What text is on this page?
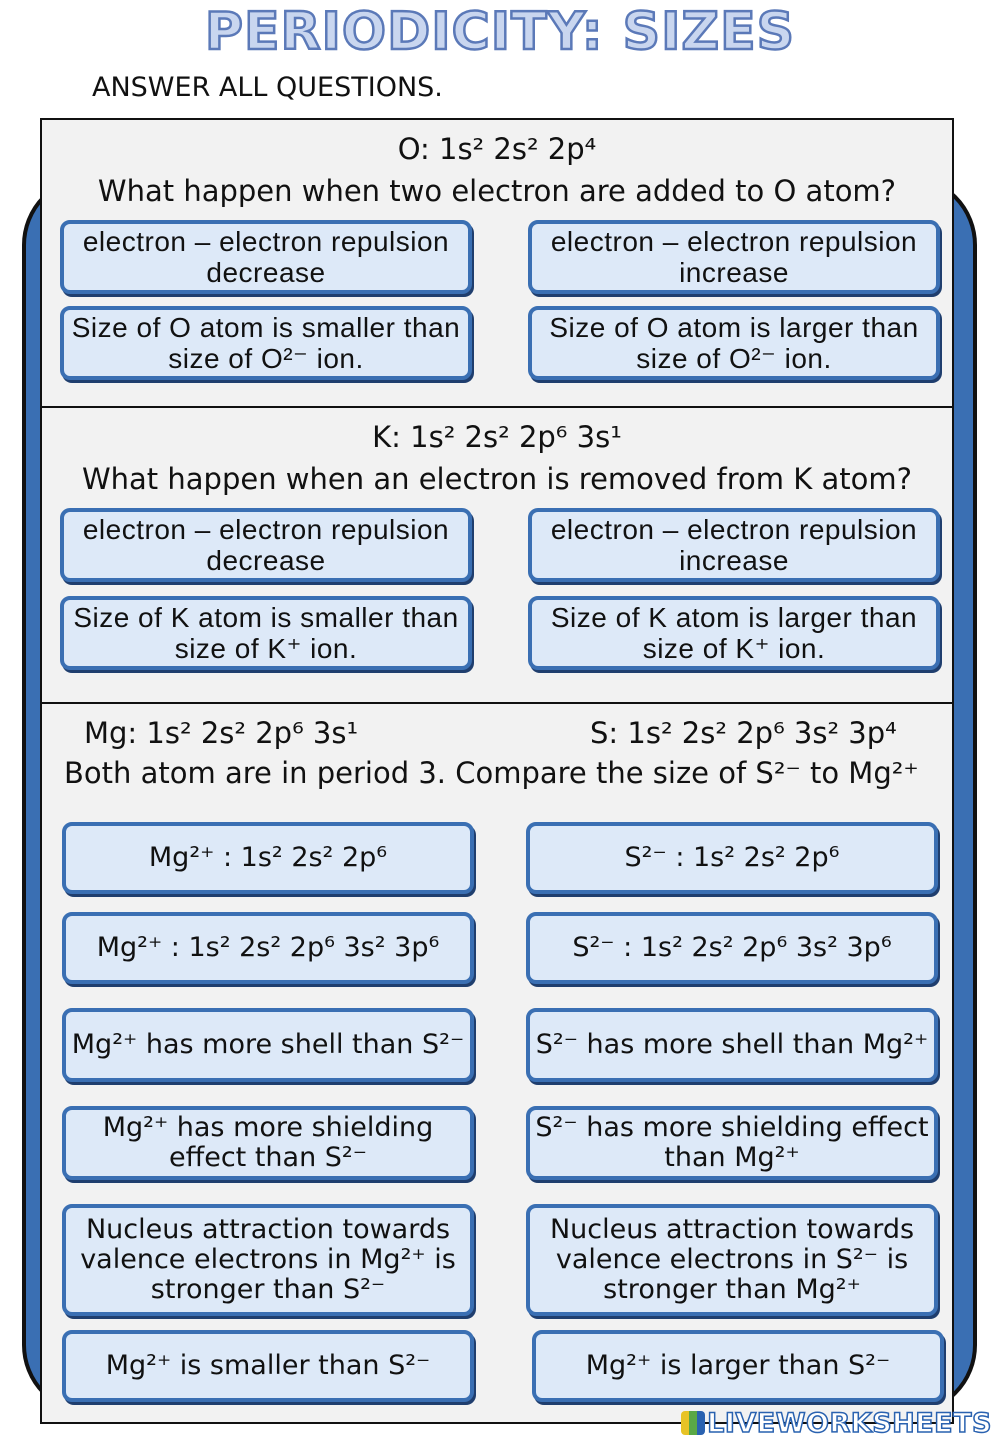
PERIODICITY: SIZES
ANSWER ALL QUESTIONS.
O: 1s² 2s² 2p⁴
What happen when two electron are added to O atom?
electron – electron repulsion decrease
electron – electron repulsion increase
Size of O atom is smaller than size of O²⁻ ion.
Size of O atom is larger than size of O²⁻ ion.
K: 1s² 2s² 2p⁶ 3s¹
What happen when an electron is removed from K atom?
electron – electron repulsion decrease
electron – electron repulsion increase
Size of K atom is smaller than size of K⁺ ion.
Size of K atom is larger than size of K⁺ ion.
Mg: 1s² 2s² 2p⁶ 3s¹	S: 1s² 2s² 2p⁶ 3s² 3p⁴
Both atom are in period 3. Compare the size of S²⁻ to Mg²⁺
Mg²⁺ : 1s² 2s² 2p⁶	S²⁻ : 1s² 2s² 2p⁶
Mg²⁺ : 1s² 2s² 2p⁶ 3s² 3p⁶	S²⁻ : 1s² 2s² 2p⁶ 3s² 3p⁶
Mg²⁺ has more shell than S²⁻	S²⁻ has more shell than Mg²⁺
Mg²⁺ has more shielding effect than S²⁻
S²⁻ has more shielding effect than Mg²⁺
Nucleus attraction towards valence electrons in Mg²⁺ is stronger than S²⁻
Nucleus attraction towards valence electrons in S²⁻ is stronger than Mg²⁺
Mg²⁺ is smaller than S²⁻	Mg²⁺ is larger than S²⁻
LIVEWORKSHEETS
